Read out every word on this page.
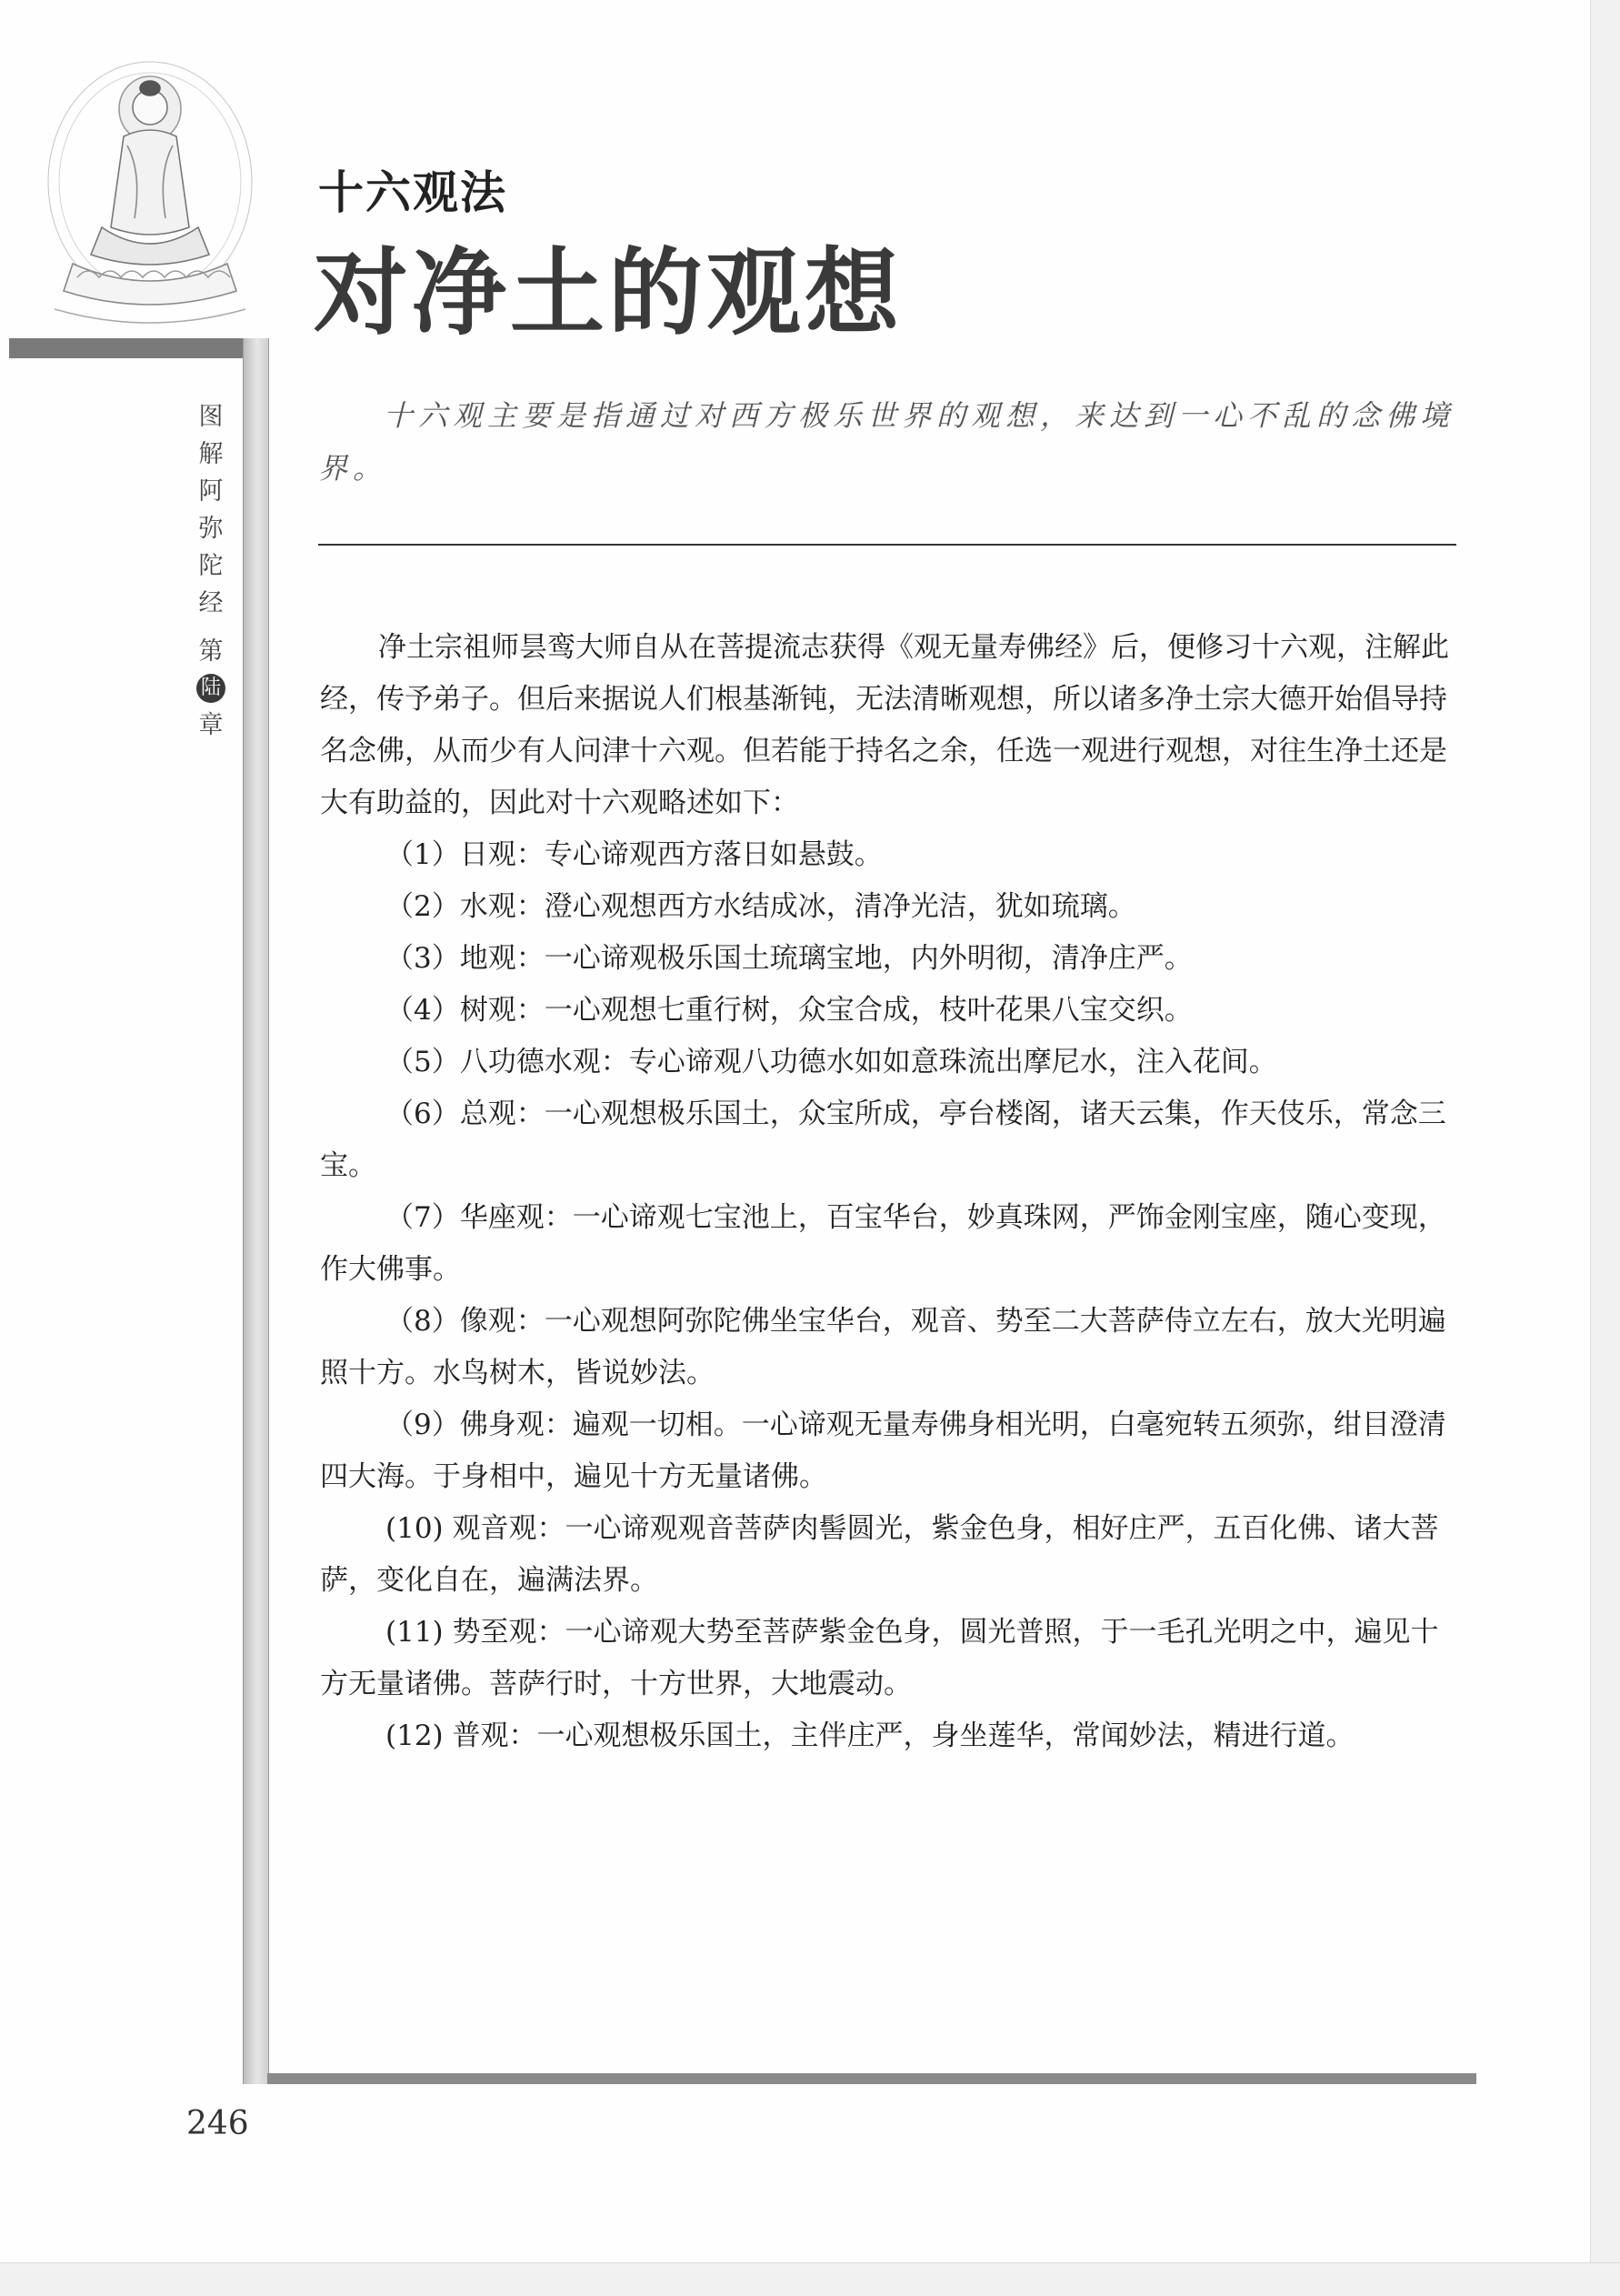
图
解
阿
弥
陀
经
第
陆
章
十六观法
对净土的观想
十六观主要是指通过对西方极乐世界的观想，来达到一心不乱的念佛境界。

净土宗祖师昙鸾大师自从在菩提流志获得《观无量寿佛经》后，便修习十六观，注解此经，传予弟子。但后来据说人们根基渐钝，无法清晰观想，所以诸多净土宗大德开始倡导持名念佛，从而少有人问津十六观。但若能于持名之余，任选一观进行观想，对往生净土还是大有助益的，因此对十六观略述如下：

（1）日观：专心谛观西方落日如悬鼓。

（2）水观：澄心观想西方水结成冰，清净光洁，犹如琉璃。

（3）地观：一心谛观极乐国土琉璃宝地，内外明彻，清净庄严。

（4）树观：一心观想七重行树，众宝合成，枝叶花果八宝交织。

（5）八功德水观：专心谛观八功德水如如意珠流出摩尼水，注入花间。

（6）总观：一心观想极乐国土，众宝所成，亭台楼阁，诸天云集，作天伎乐，常念三宝。

（7）华座观：一心谛观七宝池上，百宝华台，妙真珠网，严饰金刚宝座，随心变现，作大佛事。

（8）像观：一心观想阿弥陀佛坐宝华台，观音、势至二大菩萨侍立左右，放大光明遍照十方。水鸟树木，皆说妙法。

（9）佛身观：遍观一切相。一心谛观无量寿佛身相光明，白毫宛转五须弥，绀目澄清四大海。于身相中，遍见十方无量诸佛。

(10) 观音观：一心谛观观音菩萨肉髻圆光，紫金色身，相好庄严，五百化佛、诸大菩萨，变化自在，遍满法界。

(11) 势至观：一心谛观大势至菩萨紫金色身，圆光普照，于一毛孔光明之中，遍见十方无量诸佛。菩萨行时，十方世界，大地震动。

(12) 普观：一心观想极乐国土，主伴庄严，身坐莲华，常闻妙法，精进行道。

246
